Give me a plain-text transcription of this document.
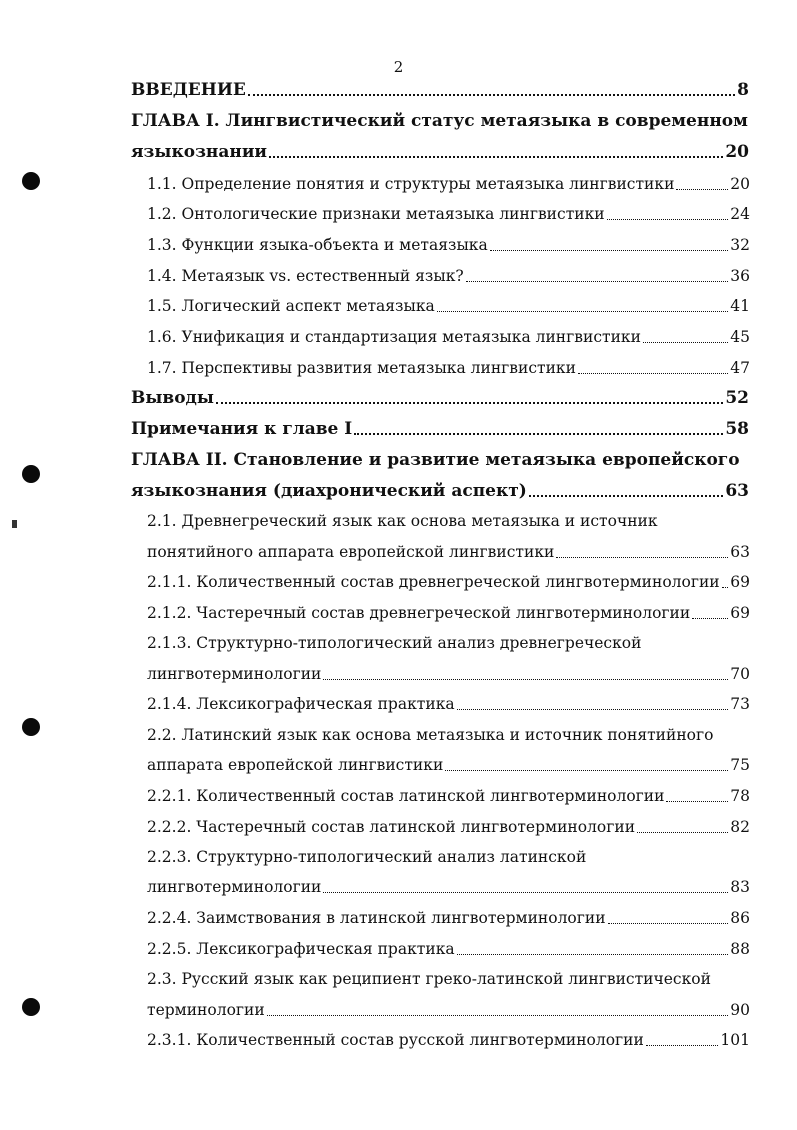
2
ВВЕДЕНИЕ	8
ГЛАВА I. Лингвистический статус метаязыка в современном
языкознании	20
1.1. Определение понятия и структуры метаязыка лингвистики	20
1.2. Онтологические признаки метаязыка лингвистики	24
1.3. Функции языка-объекта и метаязыка	32
1.4. Метаязык vs. естественный язык?	36
1.5. Логический аспект метаязыка	41
1.6. Унификация и стандартизация метаязыка лингвистики	45
1.7. Перспективы развития метаязыка лингвистики	47
Выводы	52
Примечания к главе I	58
ГЛАВА II. Становление и развитие метаязыка европейского
языкознания (диахронический аспект)	63
2.1. Древнегреческий язык как основа метаязыка и источник
понятийного аппарата европейской лингвистики	63
2.1.1. Количественный состав древнегреческой лингвотерминологии 69
2.1.2. Частеречный состав древнегреческой лингвотерминологии	69
2.1.3. Структурно-типологический анализ древнегреческой
лингвотерминологии	70
2.1.4. Лексикографическая практика	73
2.2. Латинский язык как основа метаязыка и источник понятийного
аппарата европейской лингвистики	75
2.2.1. Количественный состав латинской лингвотерминологии	78
2.2.2. Частеречный состав латинской лингвотерминологии	82
2.2.3. Структурно-типологический анализ латинской
лингвотерминологии	83
2.2.4. Заимствования в латинской лингвотерминологии	86
2.2.5. Лексикографическая практика	88
2.3. Русский язык как реципиент греко-латинской лингвистической
терминологии	90
2.3.1. Количественный состав русской лингвотерминологии	101
